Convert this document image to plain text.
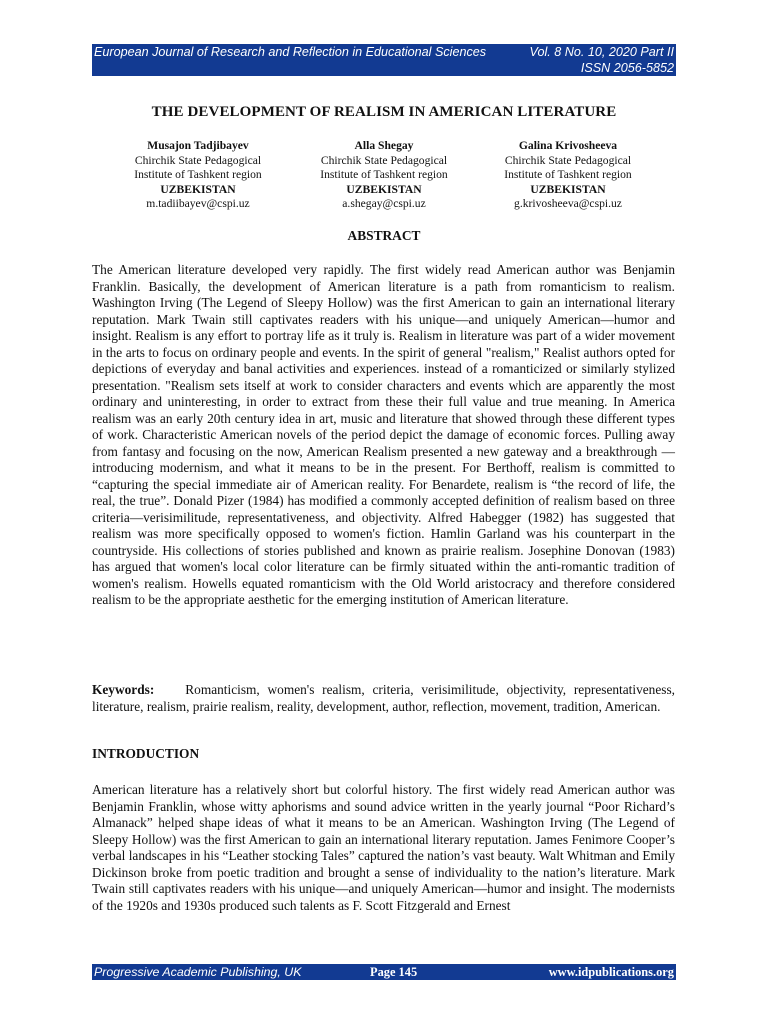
European Journal of Research and Reflection in Educational Sciences	Vol. 8 No. 10, 2020 Part II
ISSN 2056-5852
THE DEVELOPMENT OF REALISM IN AMERICAN LITERATURE
Musajon Tadjibayev
Chirchik State Pedagogical
Institute of Tashkent region
UZBEKISTAN
m.tadiibayev@cspi.uz
Alla Shegay
Chirchik State Pedagogical
Institute of Tashkent region
UZBEKISTAN
a.shegay@cspi.uz
Galina Krivosheeva
Chirchik State Pedagogical
Institute of Tashkent region
UZBEKISTAN
g.krivosheeva@cspi.uz
ABSTRACT

The American literature developed very rapidly. The first widely read American author was Benjamin Franklin. Basically, the development of American literature is a path from romanticism to realism. Washington Irving (The Legend of Sleepy Hollow) was the first American to gain an international literary reputation. Mark Twain still captivates readers with his unique—and uniquely American—humor and insight. Realism is any effort to portray life as it truly is. Realism in literature was part of a wider movement in the arts to focus on ordinary people and events. In the spirit of general "realism," Realist authors opted for depictions of everyday and banal activities and experiences. instead of a romanticized or similarly stylized presentation. "Realism sets itself at work to consider characters and events which are apparently the most ordinary and uninteresting, in order to extract from these their full value and true meaning. In America realism was an early 20th century idea in art, music and literature that showed through these different types of work. Characteristic American novels of the period depict the damage of economic forces. Pulling away from fantasy and focusing on the now, American Realism presented a new gateway and a breakthrough — introducing modernism, and what it means to be in the present. For Berthoff, realism is committed to “capturing the special immediate air of American reality. For Benardete, realism is “the record of life, the real, the true”. Donald Pizer (1984) has modified a commonly accepted definition of realism based on three criteria—verisimilitude, representativeness, and objectivity. Alfred Habegger (1982) has suggested that realism was more specifically opposed to women's fiction. Hamlin Garland was his counterpart in the countryside. His collections of stories published and known as prairie realism. Josephine Donovan (1983) has argued that women's local color literature can be firmly situated within the anti-romantic tradition of women's realism. Howells equated romanticism with the Old World aristocracy and therefore considered realism to be the appropriate aesthetic for the emerging institution of American literature.

Keywords: Romanticism, women's realism, criteria, verisimilitude, objectivity, representativeness, literature, realism, prairie realism, reality, development, author, reflection, movement, tradition, American.

INTRODUCTION

American literature has a relatively short but colorful history. The first widely read American author was Benjamin Franklin, whose witty aphorisms and sound advice written in the yearly journal “Poor Richard’s Almanack” helped shape ideas of what it means to be an American. Washington Irving (The Legend of Sleepy Hollow) was the first American to gain an international literary reputation. James Fenimore Cooper’s verbal landscapes in his “Leather stocking Tales” captured the nation’s vast beauty. Walt Whitman and Emily Dickinson broke from poetic tradition and brought a sense of individuality to the nation’s literature. Mark Twain still captivates readers with his unique—and uniquely American—humor and insight. The modernists of the 1920s and 1930s produced such talents as F. Scott Fitzgerald and Ernest

Progressive Academic Publishing, UK	Page 145	www.idpublications.org
